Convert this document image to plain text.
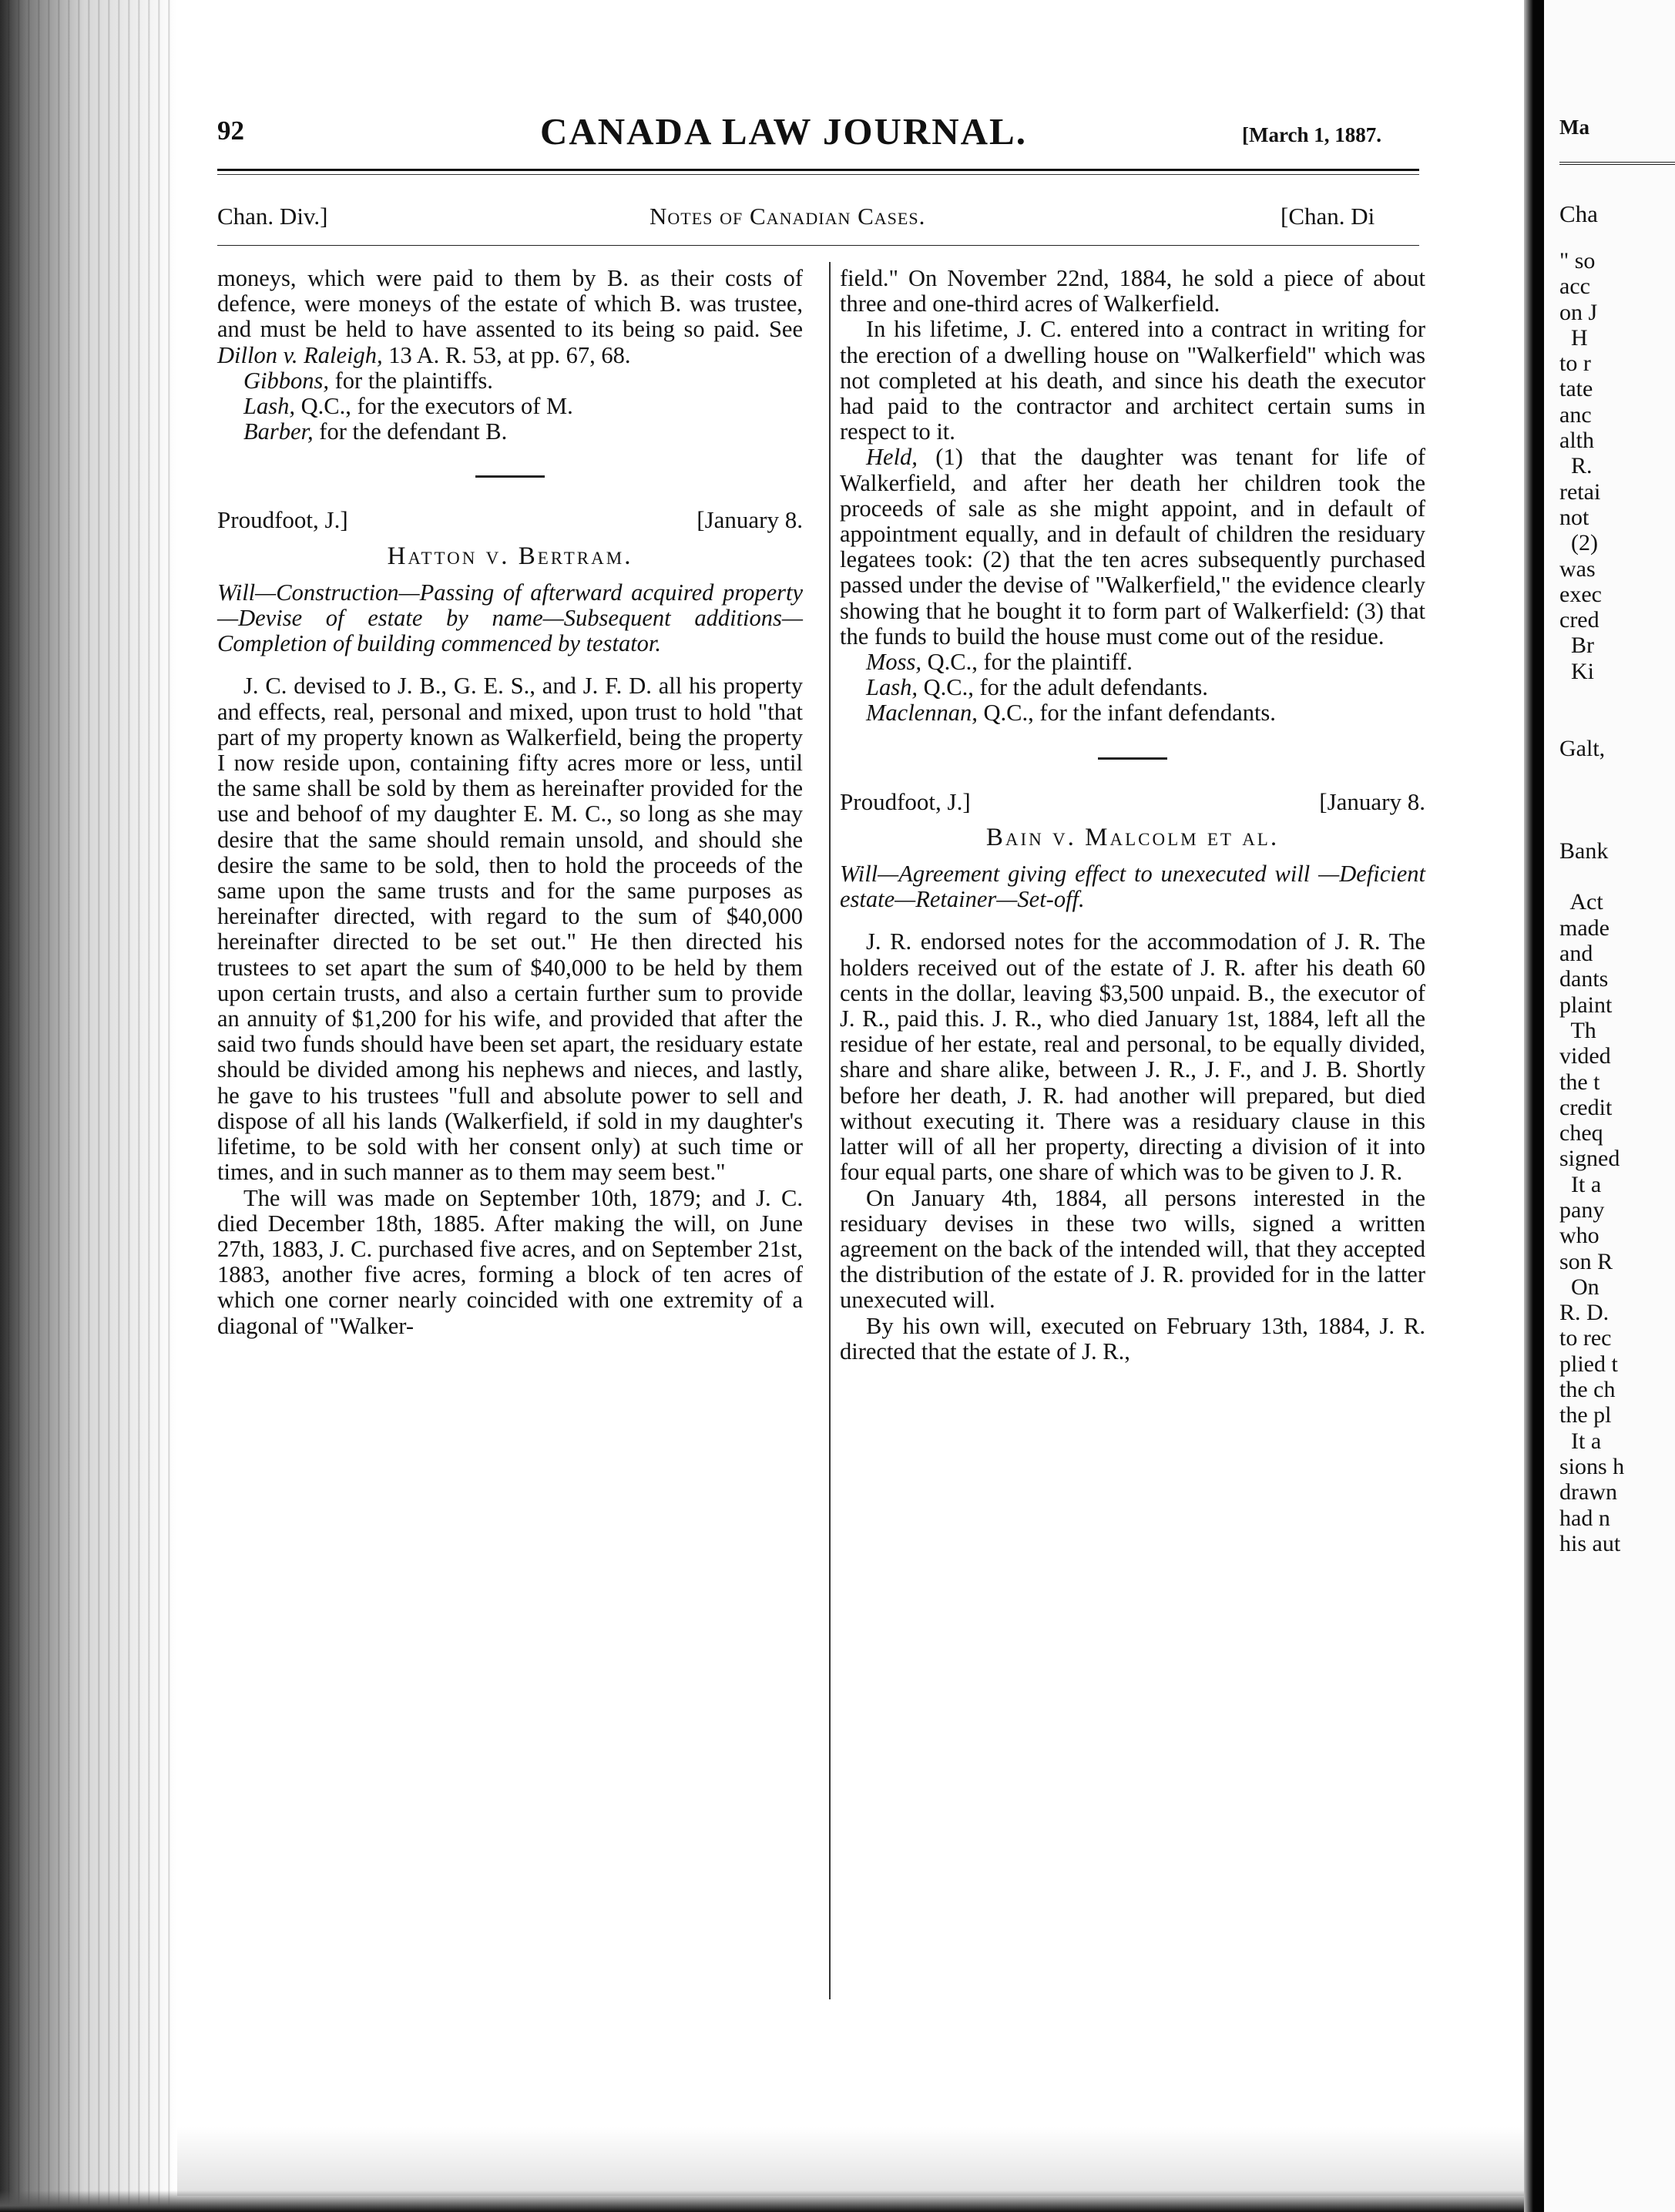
92	CANADA LAW JOURNAL.	[March 1, 1887.
Chan. Div.]	Notes of Canadian Cases.	[Chan. Di

moneys, which were paid to them by B. as their costs of defence, were moneys of the estate of which B. was trustee, and must be held to have assented to its being so paid. See Dillon v. Raleigh, 13 A. R. 53, at pp. 67, 68.

Gibbons, for the plaintiffs.

Lash, Q.C., for the executors of M.

Barber, for the defendant B.

Proudfoot, J.]	[January 8.
Hatton v. Bertram.

Will—Construction—Passing of afterward acquired property—Devise of estate by name—Subsequent additions—Completion of building commenced by testator.

J. C. devised to J. B., G. E. S., and J. F. D. all his property and effects, real, personal and mixed, upon trust to hold "that part of my property known as Walkerfield, being the property I now reside upon, containing fifty acres more or less, until the same shall be sold by them as hereinafter provided for the use and behoof of my daughter E. M. C., so long as she may desire that the same should remain unsold, and should she desire the same to be sold, then to hold the proceeds of the same upon the same trusts and for the same purposes as hereinafter directed, with regard to the sum of $40,000 hereinafter directed to be set out." He then directed his trustees to set apart the sum of $40,000 to be held by them upon certain trusts, and also a certain further sum to provide an annuity of $1,200 for his wife, and provided that after the said two funds should have been set apart, the residuary estate should be divided among his nephews and nieces, and lastly, he gave to his trustees "full and absolute power to sell and dispose of all his lands (Walkerfield, if sold in my daughter's lifetime, to be sold with her consent only) at such time or times, and in such manner as to them may seem best."

The will was made on September 10th, 1879; and J. C. died December 18th, 1885. After making the will, on June 27th, 1883, J. C. purchased five acres, and on September 21st, 1883, another five acres, forming a block of ten acres of which one corner nearly coincided with one extremity of a diagonal of "Walker-

field." On November 22nd, 1884, he sold a piece of about three and one-third acres of Walkerfield.

In his lifetime, J. C. entered into a contract in writing for the erection of a dwelling house on "Walkerfield" which was not completed at his death, and since his death the executor had paid to the contractor and architect certain sums in respect to it.

Held, (1) that the daughter was tenant for life of Walkerfield, and after her death her children took the proceeds of sale as she might appoint, and in default of appointment equally, and in default of children the residuary legatees took: (2) that the ten acres subsequently purchased passed under the devise of "Walkerfield," the evidence clearly showing that he bought it to form part of Walkerfield: (3) that the funds to build the house must come out of the residue.

Moss, Q.C., for the plaintiff.

Lash, Q.C., for the adult defendants.

Maclennan, Q.C., for the infant defendants.

Proudfoot, J.]	[January 8.
Bain v. Malcolm et al.

Will—Agreement giving effect to unexecuted will —Deficient estate—Retainer—Set-off.

J. R. endorsed notes for the accommodation of J. R. The holders received out of the estate of J. R. after his death 60 cents in the dollar, leaving $3,500 unpaid. B., the executor of J. R., paid this. J. R., who died January 1st, 1884, left all the residue of her estate, real and personal, to be equally divided, share and share alike, between J. R., J. F., and J. B. Shortly before her death, J. R. had another will prepared, but died without executing it. There was a residuary clause in this latter will of all her property, directing a division of it into four equal parts, one share of which was to be given to J. R.

On January 4th, 1884, all persons interested in the residuary devises in these two wills, signed a written agreement on the back of the intended will, that they accepted the distribution of the estate of J. R. provided for in the latter unexecuted will.

By his own will, executed on February 13th, 1884, J. R. directed that the estate of J. R.,

Ma
Cha
" so
acc
on J
H
to r
tate
anc
alth
R.
retai
not
(2)
was
exec
cred
Br
Ki

Galt,

Bank

Act
made
and
dants
plaint
Th
vided
the t
credit
cheq
signed
It a
pany
who
son R
On
R. D.
to rec
plied t
the ch
the pl
It a
sions h
drawn
had n
his aut
